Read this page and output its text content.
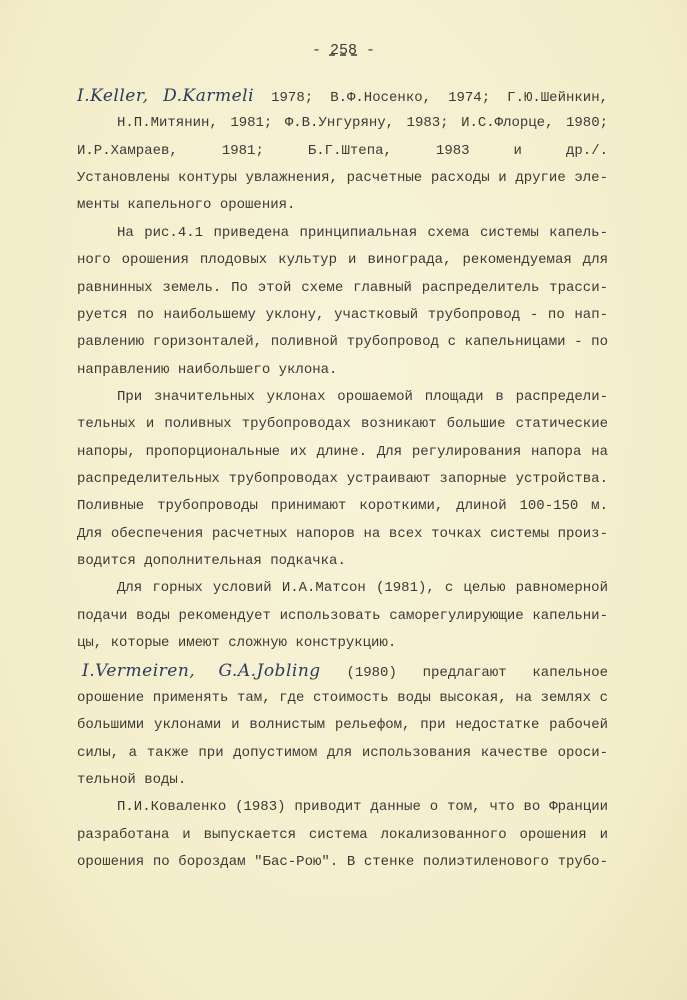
- 258 -
I.Keller, D.Karmeli 1978; В.Ф.Носенко, 1974; Г.Ю.Шейнкин,
Н.П.Митянин, 1981; Ф.В.Унгуряну, 1983; И.С.Флорце, 1980;
И.Р.Хамраев, 1981; Б.Г.Штепа, 1983 и др./.
Установлены контуры увлажнения, расчетные расходы и другие эле-
менты капельного орошения.
На рис.4.1 приведена принципиальная схема системы капель-
ного орошения плодовых культур и винограда, рекомендуемая для
равнинных земель. По этой схеме главный распределитель трасси-
руется по наибольшему уклону, участковый трубопровод - по нап-
равлению горизонталей, поливной трубопровод с капельницами - по
направлению наибольшего уклона.
При значительных уклонах орошаемой площади в распредели-
тельных и поливных трубопроводах возникают большие статические
напоры, пропорциональные их длине. Для регулирования напора на
распределительных трубопроводах устраивают запорные устройства.
Поливные трубопроводы принимают короткими, длиной 100-150 м.
Для обеспечения расчетных напоров на всех точках системы произ-
водится дополнительная подкачка.
Для горных условий И.А.Матсон (1981), с целью равномерной
подачи воды рекомендует использовать саморегулирующие капельни-
цы, которые имеют сложную конструкцию.
I.Vermeiren, G.A.Jobling (1980) предлагают капельное
орошение применять там, где стоимость воды высокая, на землях с
большими уклонами и волнистым рельефом, при недостатке рабочей
силы, а также при допустимом для использования качестве ороси-
тельной воды.
П.И.Коваленко (1983) приводит данные о том, что во Франции
разработана и выпускается система локализованного орошения и
орошения по бороздам "Бас-Рою". В стенке полиэтиленового трубо-
